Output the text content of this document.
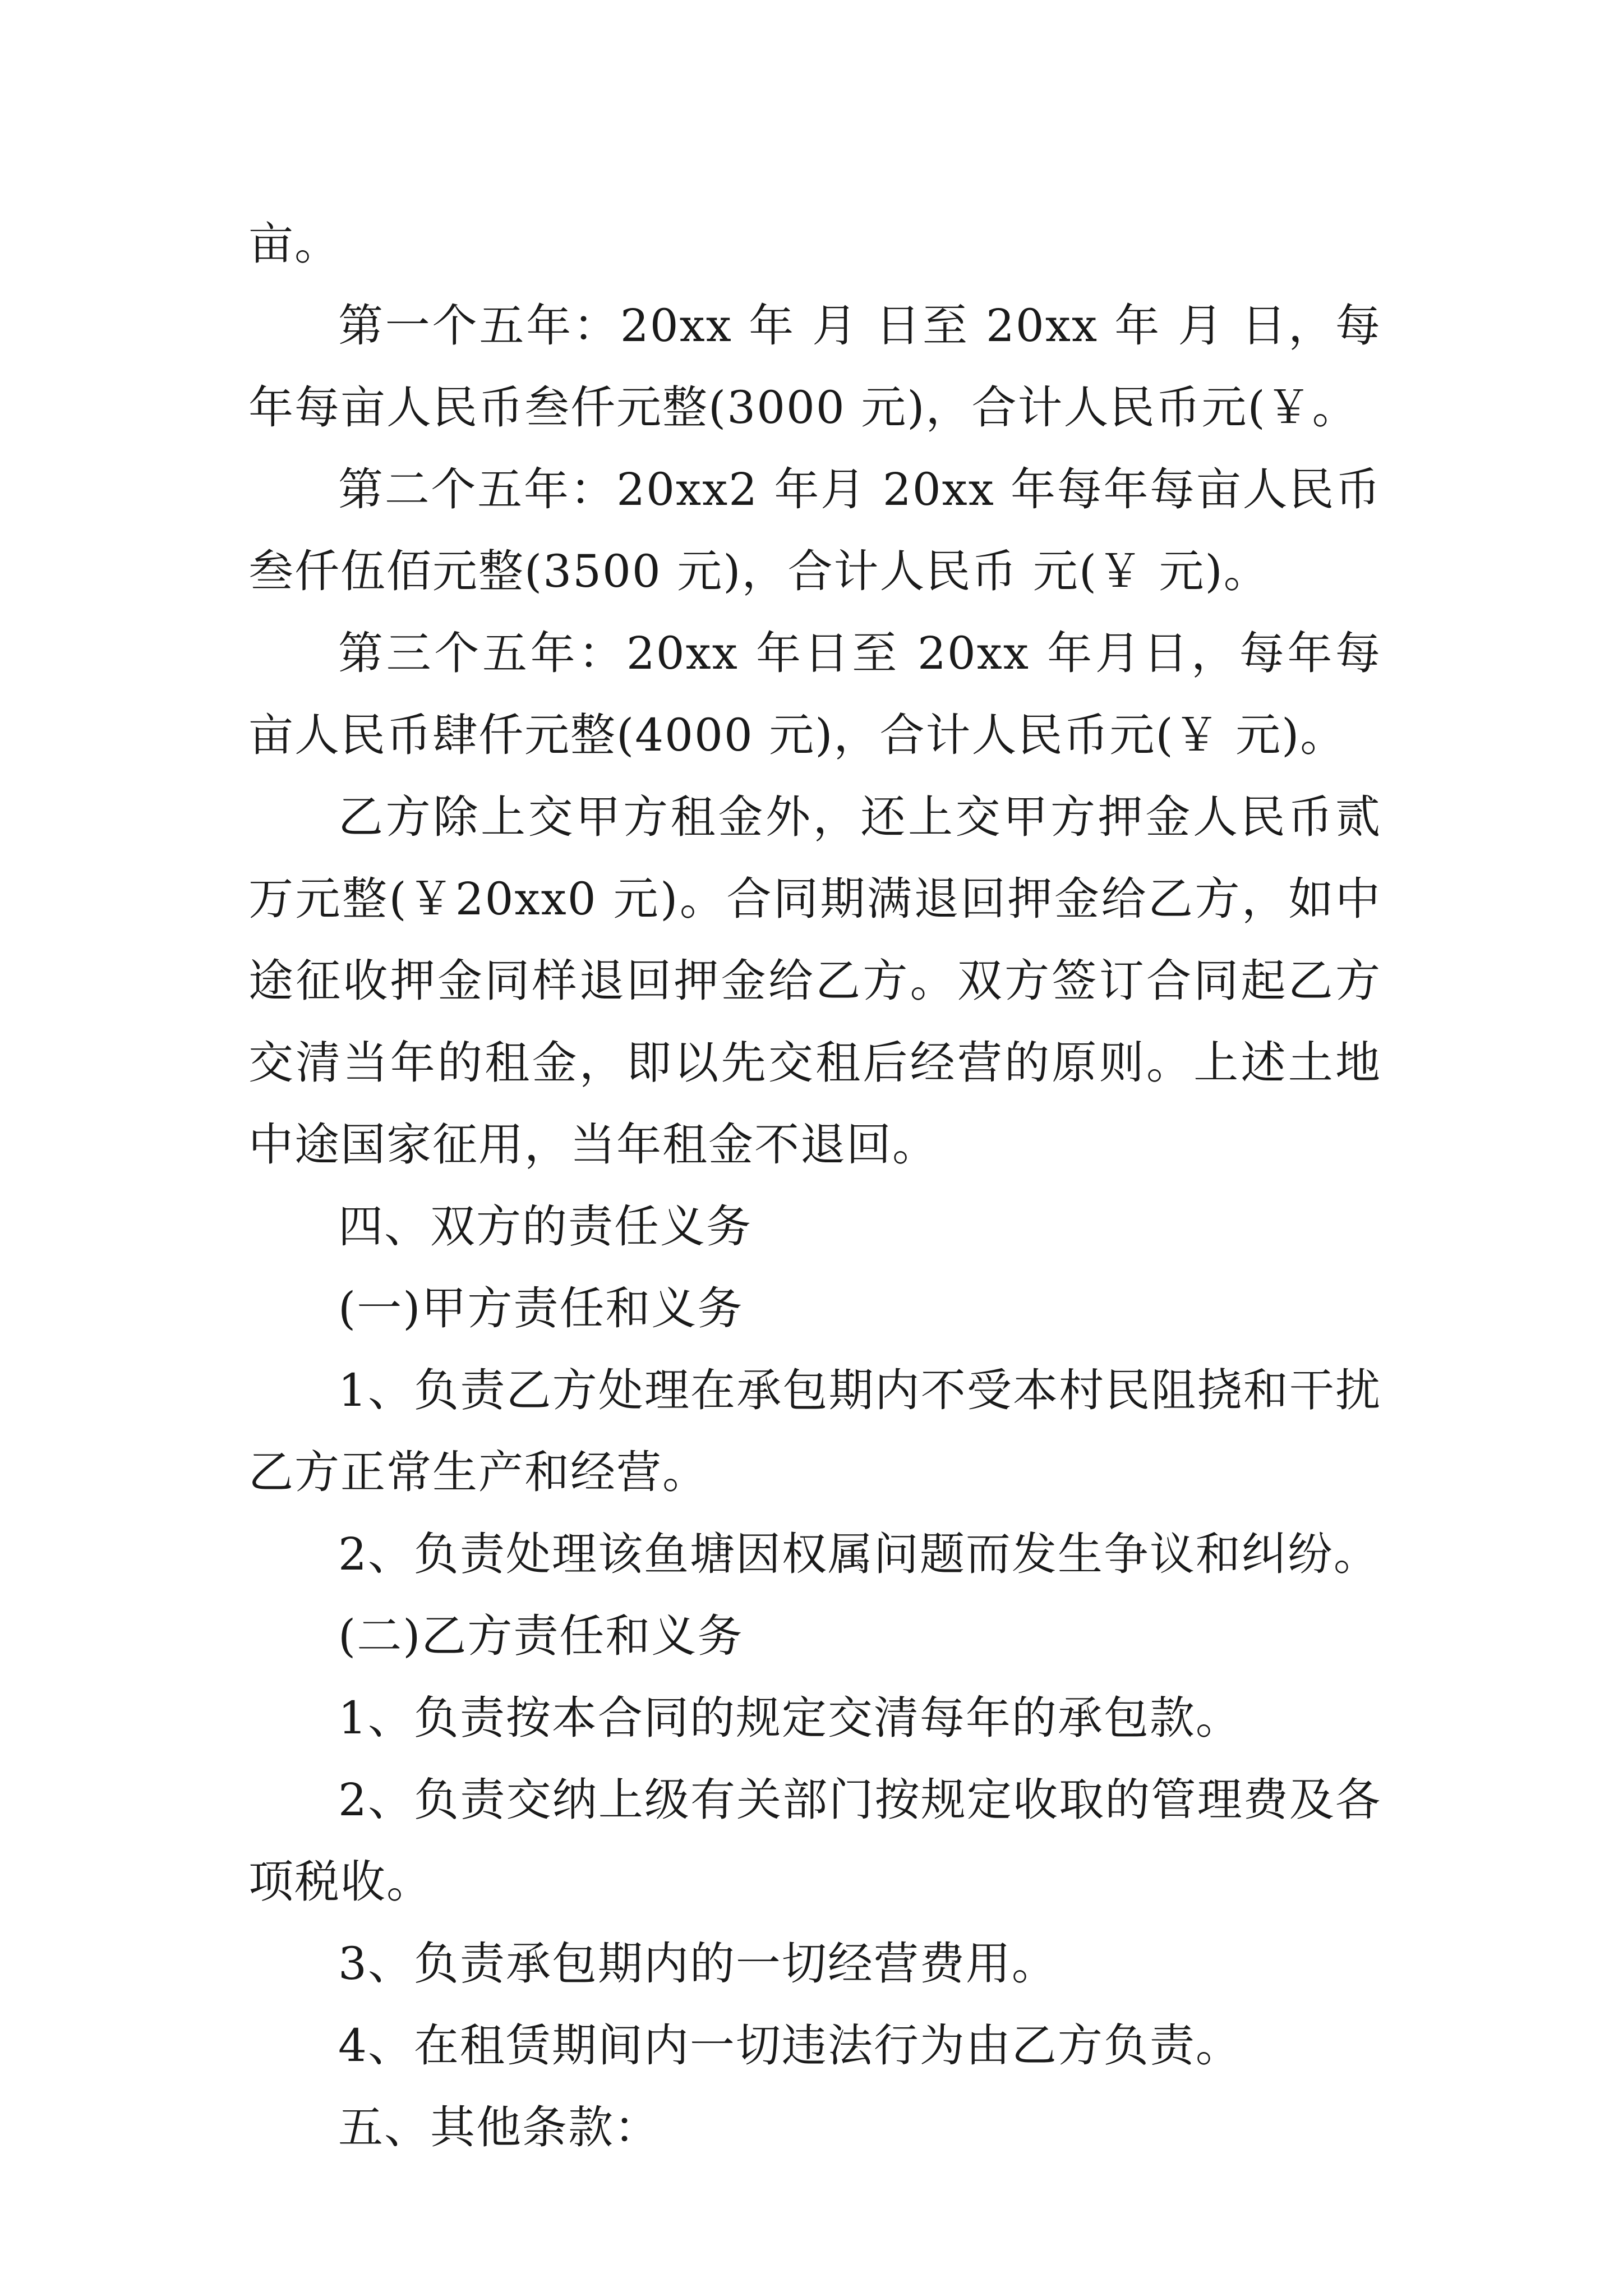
亩。

第一个五年：20xx 年 月 日至 20xx 年 月 日，每年每亩人民币叁仟元整(3000 元)，合计人民币元(￥。

第二个五年：20xx2 年月 20xx 年每年每亩人民币叁仟伍佰元整(3500 元)，合计人民币 元(￥ 元)。

第三个五年：20xx 年日至 20xx 年月日，每年每亩人民币肆仟元整(4000 元)，合计人民币元(￥ 元)。

乙方除上交甲方租金外，还上交甲方押金人民币贰万元整(￥20xx0 元)。合同期满退回押金给乙方，如中途征收押金同样退回押金给乙方。双方签订合同起乙方交清当年的租金，即以先交租后经营的原则。上述土地中途国家征用，当年租金不退回。

四、双方的责任义务

(一)甲方责任和义务

1、负责乙方处理在承包期内不受本村民阻挠和干扰乙方正常生产和经营。

2、负责处理该鱼塘因权属问题而发生争议和纠纷。

(二)乙方责任和义务

1、负责按本合同的规定交清每年的承包款。

2、负责交纳上级有关部门按规定收取的管理费及各项税收。

3、负责承包期内的一切经营费用。

4、在租赁期间内一切违法行为由乙方负责。

五、其他条款：
